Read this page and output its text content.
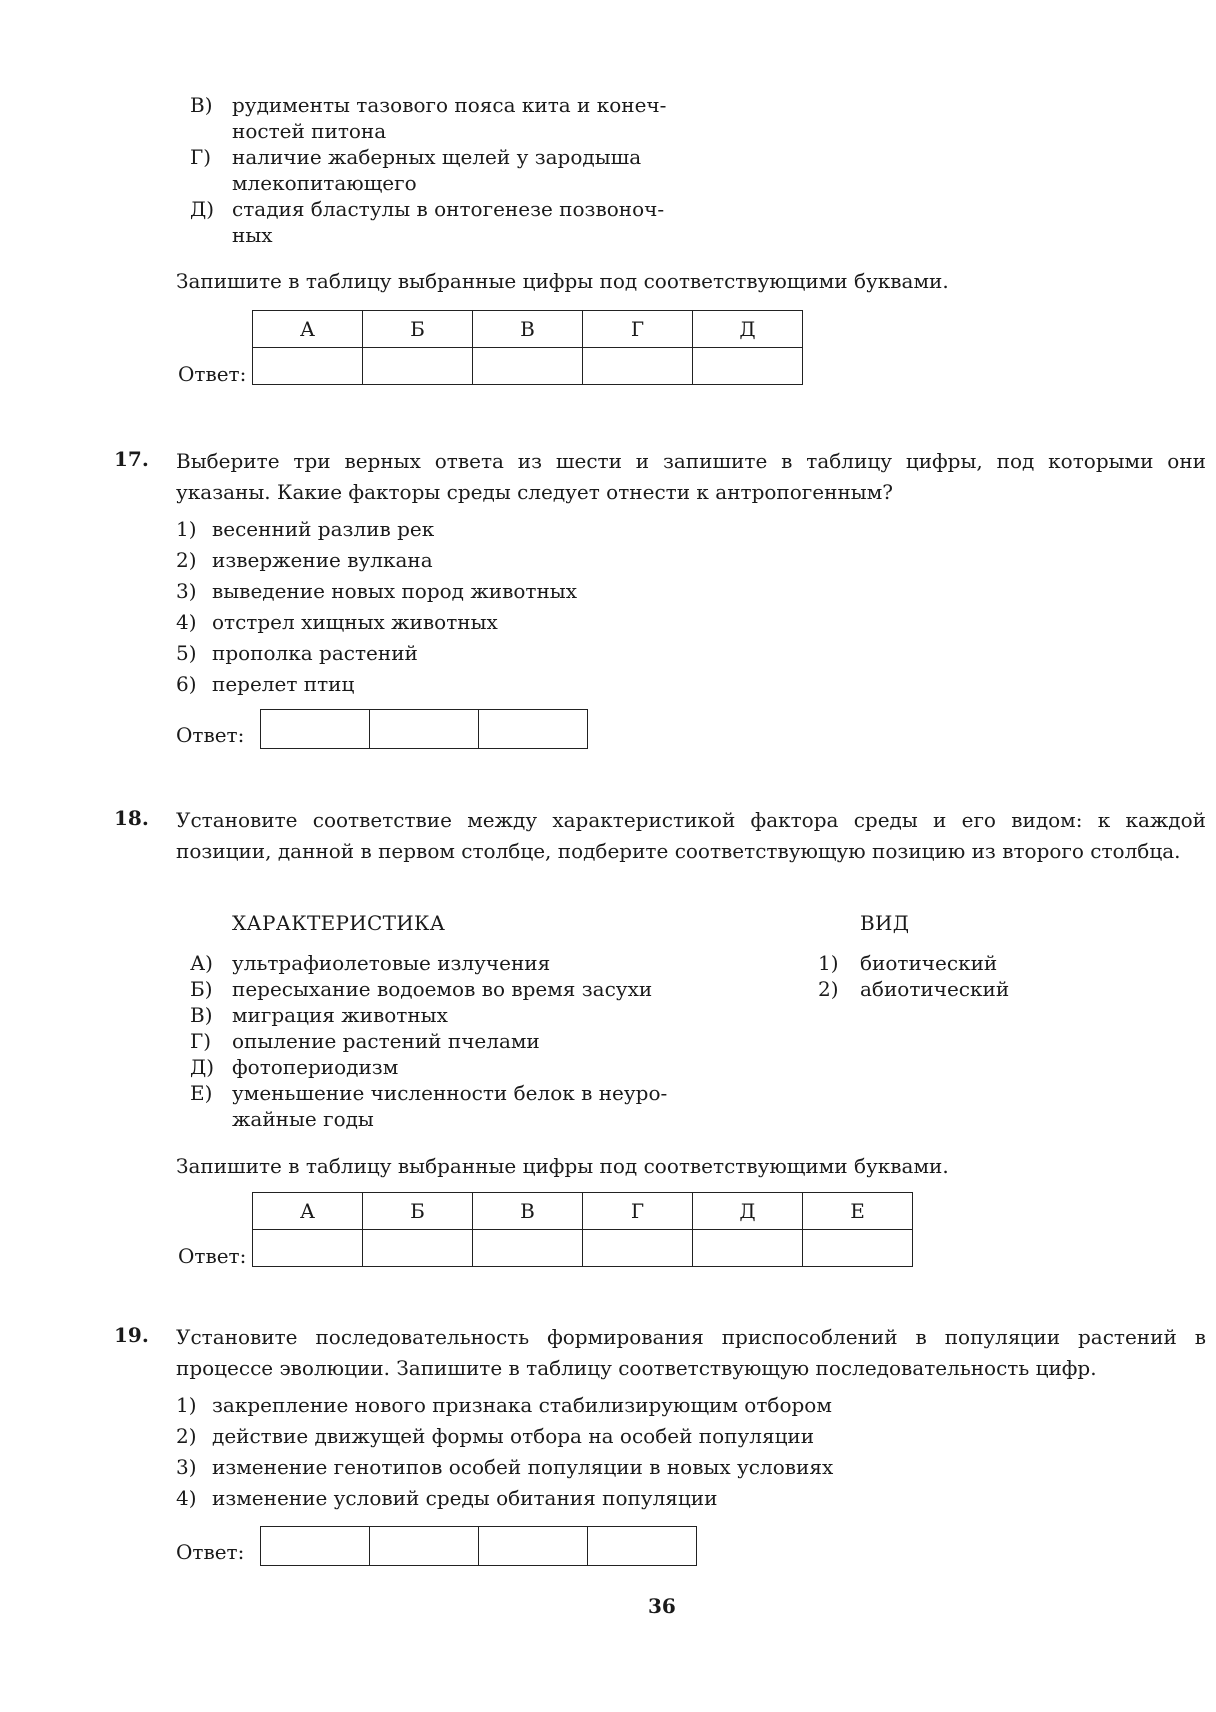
В) рудименты тазового пояса кита и конеч-
ностей питона
Г) наличие жаберных щелей у зародыша
млекопитающего
Д) стадия бластулы в онтогенезе позвоноч-
ных
Запишите в таблицу выбранные цифры под соответствующими буквами.
Ответ:
А	Б	В	Г	Д

17. Выберите три верных ответа из шести и запишите в таблицу цифры, под которыми они указаны. Какие факторы среды следует отнести к антропогенным?
1) весенний разлив рек
2) извержение вулкана
3) выведение новых пород животных
4) отстрел хищных животных
5) прополка растений
6) перелет птиц
Ответ:

18. Установите соответствие между характеристикой фактора среды и его видом: к каждой позиции, данной в первом столбце, подберите соответствующую позицию из второго столбца.
ХАРАКТЕРИСТИКА	ВИД
А) ультрафиолетовые излучения
Б) пересыхание водоемов во время засухи
В) миграция животных
Г) опыление растений пчелами
Д) фотопериодизм
Е) уменьшение численности белок в неуро-
жайные годы
1) биотический
2) абиотический
Запишите в таблицу выбранные цифры под соответствующими буквами.
Ответ:
А	Б	В	Г	Д	Е

19. Установите последовательность формирования приспособлений в популяции растений в процессе эволюции. Запишите в таблицу соответствующую последовательность цифр.
1) закрепление нового признака стабилизирующим отбором
2) действие движущей формы отбора на особей популяции
3) изменение генотипов особей популяции в новых условиях
4) изменение условий среды обитания популяции
Ответ:

36
